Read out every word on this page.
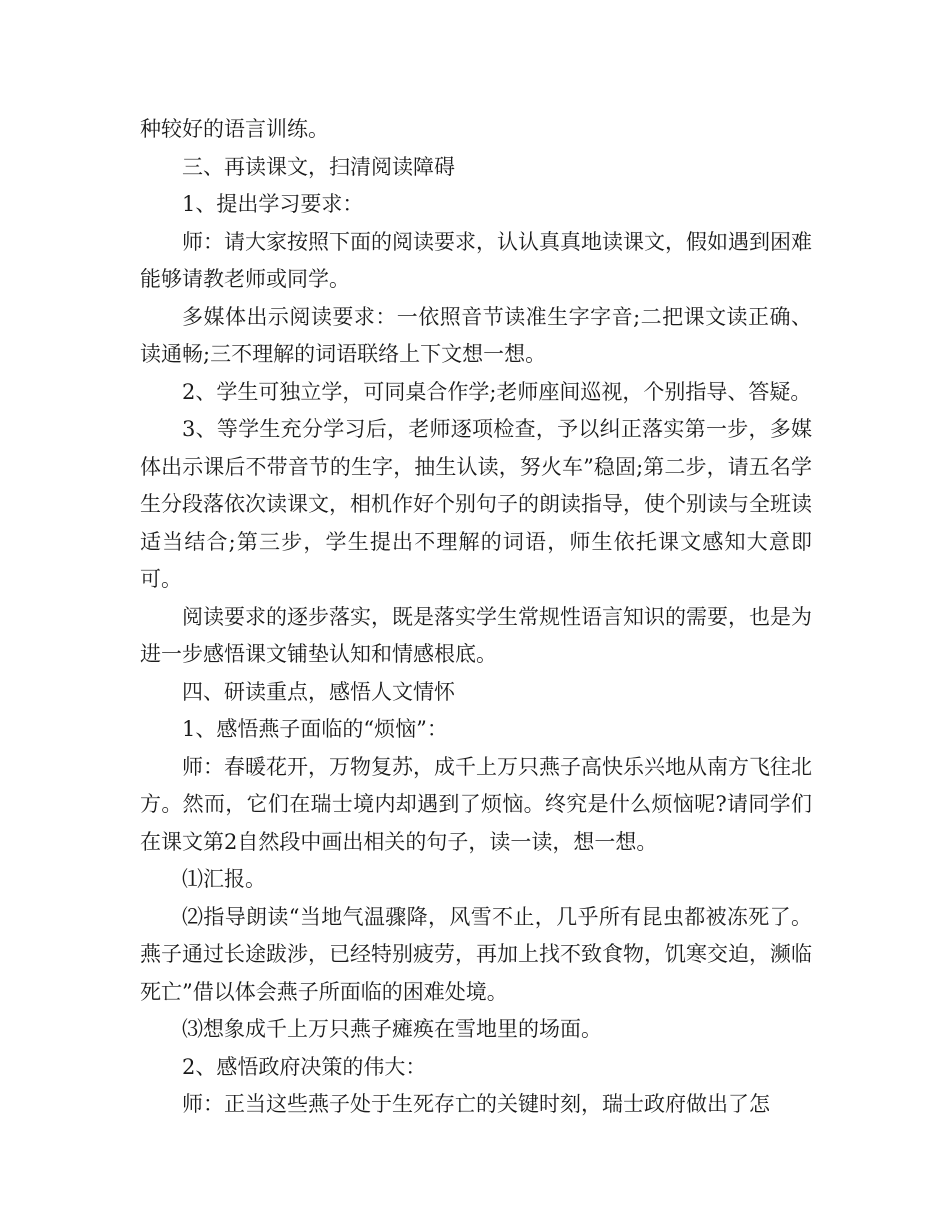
种较好的语言训练。

三、再读课文，扫清阅读障碍

1、提出学习要求：

师：请大家按照下面的阅读要求，认认真真地读课文，假如遇到困难能够请教老师或同学。

多媒体出示阅读要求：一依照音节读准生字字音;二把课文读正确、读通畅;三不理解的词语联络上下文想一想。

2、学生可独立学，可同桌合作学;老师座间巡视，个别指导、答疑。

3、等学生充分学习后，老师逐项检查，予以纠正落实第一步，多媒体出示课后不带音节的生字，抽生认读，努火车”稳固;第二步，请五名学生分段落依次读课文，相机作好个别句子的朗读指导，使个别读与全班读适当结合;第三步，学生提出不理解的词语，师生依托课文感知大意即可。

阅读要求的逐步落实，既是落实学生常规性语言知识的需要，也是为进一步感悟课文铺垫认知和情感根底。

四、研读重点，感悟人文情怀

1、感悟燕子面临的“烦恼”：

师：春暖花开，万物复苏，成千上万只燕子高快乐兴地从南方飞往北方。然而，它们在瑞士境内却遇到了烦恼。终究是什么烦恼呢?请同学们在课文第2自然段中画出相关的句子，读一读，想一想。

⑴汇报。

⑵指导朗读“当地气温骤降，风雪不止，几乎所有昆虫都被冻死了。燕子通过长途跋涉，已经特别疲劳，再加上找不致食物，饥寒交迫，濒临死亡”借以体会燕子所面临的困难处境。

⑶想象成千上万只燕子瘫痪在雪地里的场面。

2、感悟政府决策的伟大：

师：正当这些燕子处于生死存亡的关键时刻，瑞士政府做出了怎
